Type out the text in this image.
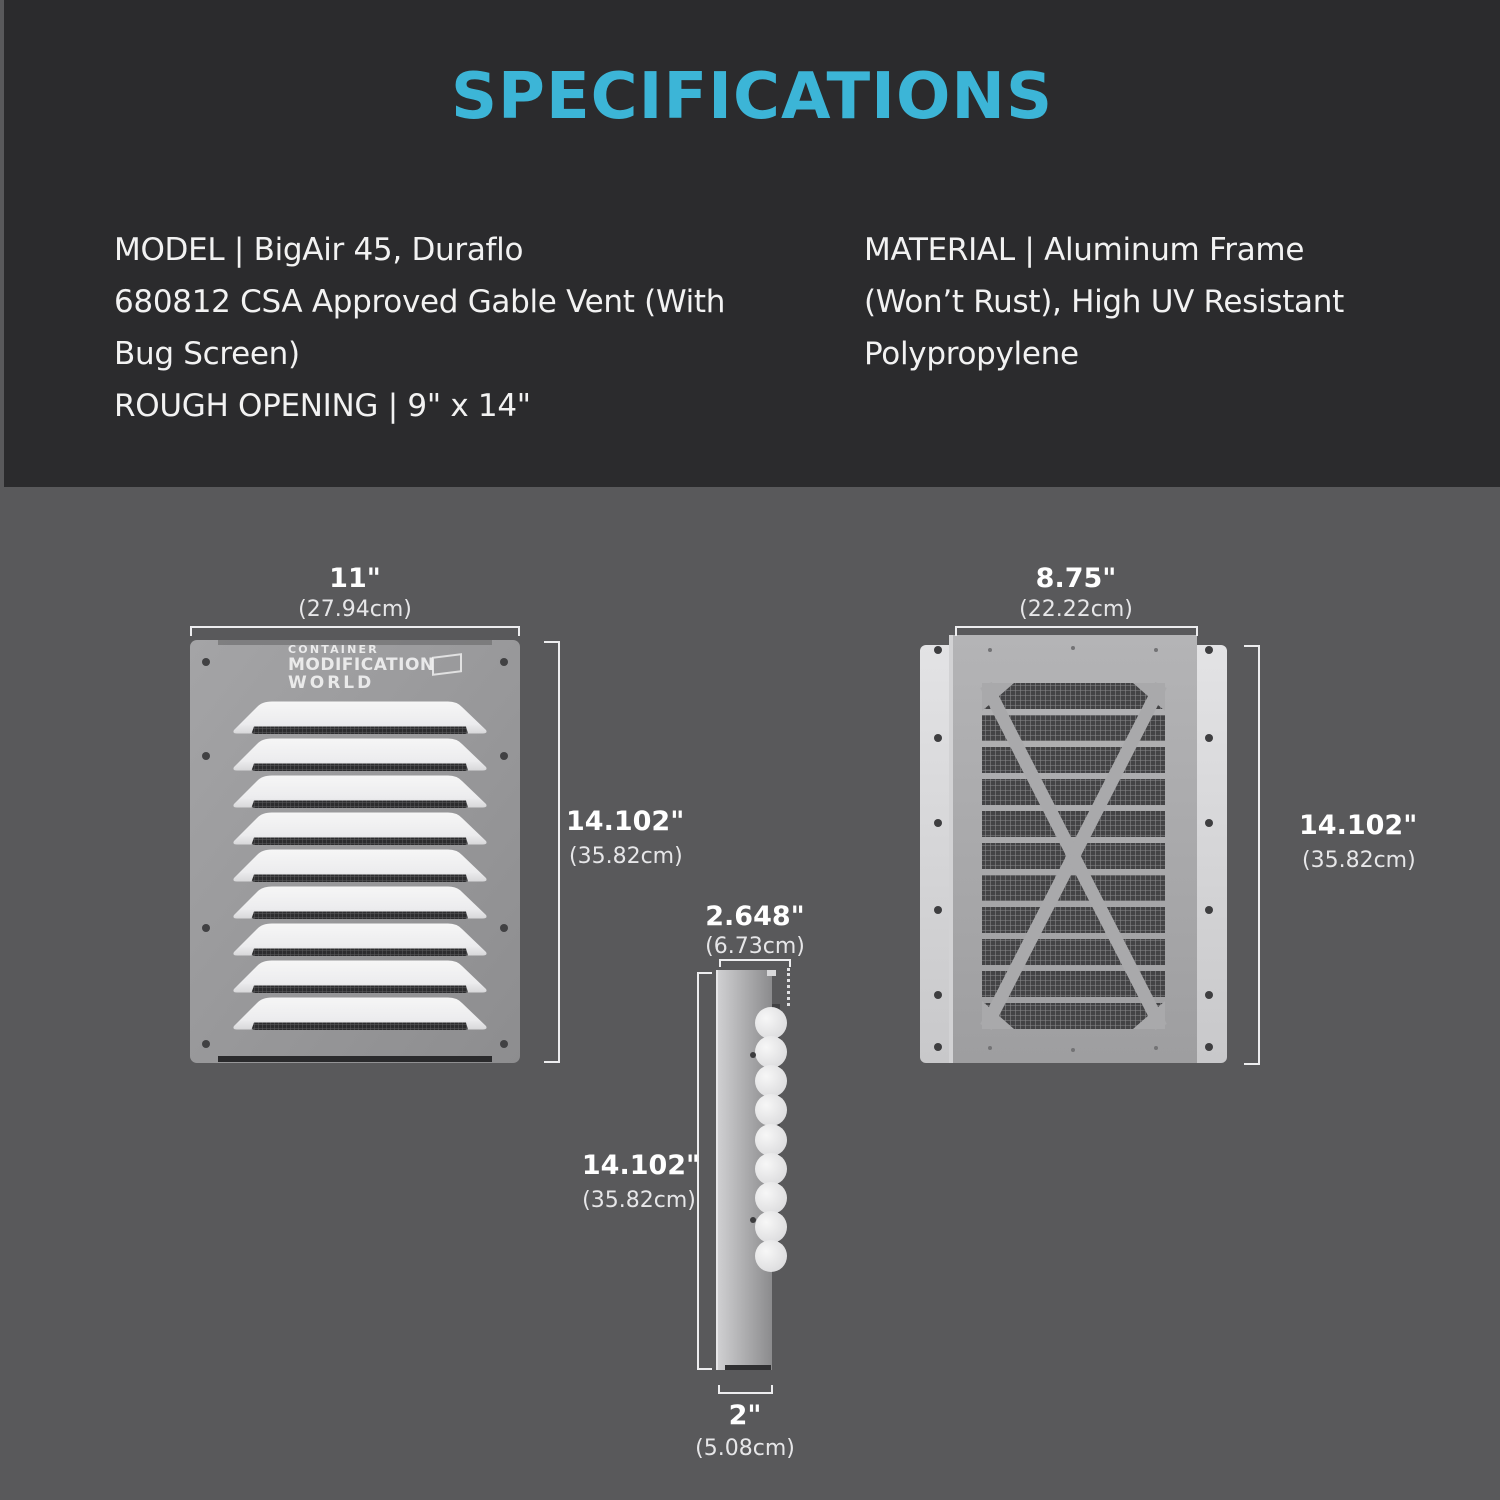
SPECIFICATIONS
MODEL | BigAir 45, Duraflo
680812 CSA Approved Gable Vent (With
Bug Screen)
ROUGH OPENING | 9" x 14"
MATERIAL | Aluminum Frame
(Won’t Rust), High UV Resistant
Polypropylene
CONTAINER
MODIFICATION
WORLD
11"
(27.94cm)
14.102"
(35.82cm)
8.75"
(22.22cm)
14.102"
(35.82cm)
2.648"
(6.73cm)
14.102"
(35.82cm)
2"
(5.08cm)
